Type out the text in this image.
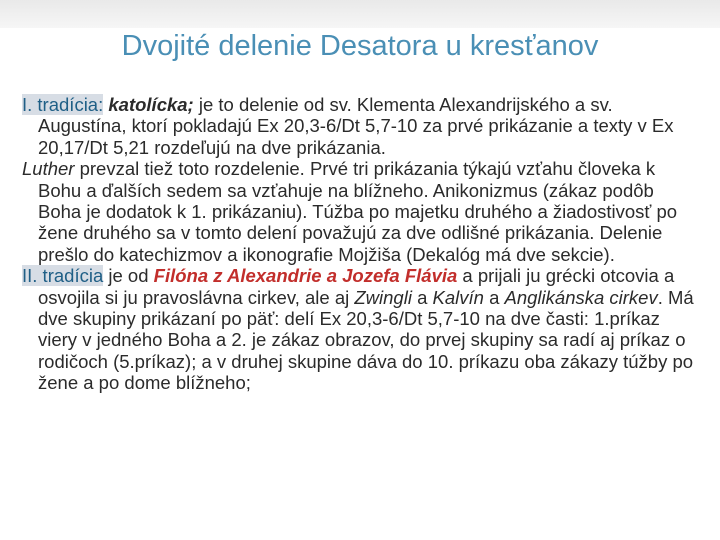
Dvojité delenie Desatora u kresťanov

I. tradícia: katolícka; je to delenie od sv. Klementa Alexandrijského a sv. Augustína, ktorí pokladajú Ex 20,3-6/Dt 5,7-10 za prvé prikázanie a texty v Ex 20,17/Dt 5,21 rozdeľujú na dve prikázania.

Luther prevzal tiež toto rozdelenie. Prvé tri prikázania týkajú vzťahu človeka k Bohu a ďalších sedem sa vzťahuje na blížneho. Anikonizmus (zákaz podôb Boha je dodatok k 1. prikázaniu). Túžba po majetku druhého a žiadostivosť po žene druhého sa v tomto delení považujú za dve odlišné prikázania. Delenie prešlo do katechizmov a ikonografie Mojžiša (Dekalóg má dve sekcie).

II. tradícia je od Filóna z Alexandrie a Jozefa Flávia a prijali ju grécki otcovia a osvojila si ju pravoslávna cirkev, ale aj Zwingli a Kalvín a Anglikánska cirkev. Má dve skupiny prikázaní po päť: delí Ex 20,3-6/Dt 5,7-10 na dve časti: 1.príkaz viery v jedného Boha a 2. je zákaz obrazov, do prvej skupiny sa radí aj príkaz o rodičoch (5.príkaz); a v druhej skupine dáva do 10. príkazu oba zákazy túžby po žene a po dome blížneho;
